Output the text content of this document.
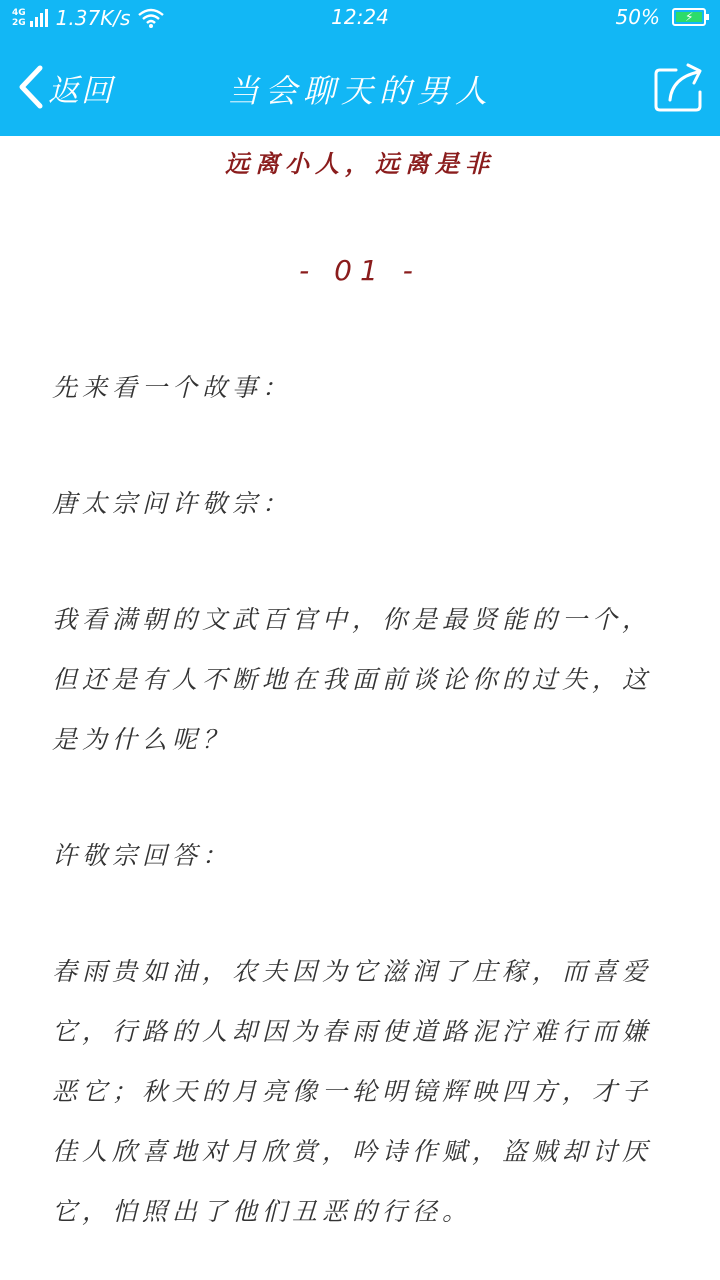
4G
2G 1.37K/s	12:24	50% ⚡
返回	当会聊天的男人
远离小人，远离是非
- 01 -

先来看一个故事：

唐太宗问许敬宗：

我看满朝的文武百官中，你是最贤能的一个，但还是有人不断地在我面前谈论你的过失，这是为什么呢？

许敬宗回答：

春雨贵如油，农夫因为它滋润了庄稼，而喜爱它，行路的人却因为春雨使道路泥泞难行而嫌恶它；秋天的月亮像一轮明镜辉映四方，才子佳人欣喜地对月欣赏，吟诗作赋，盗贼却讨厌它，怕照出了他们丑恶的行径。
